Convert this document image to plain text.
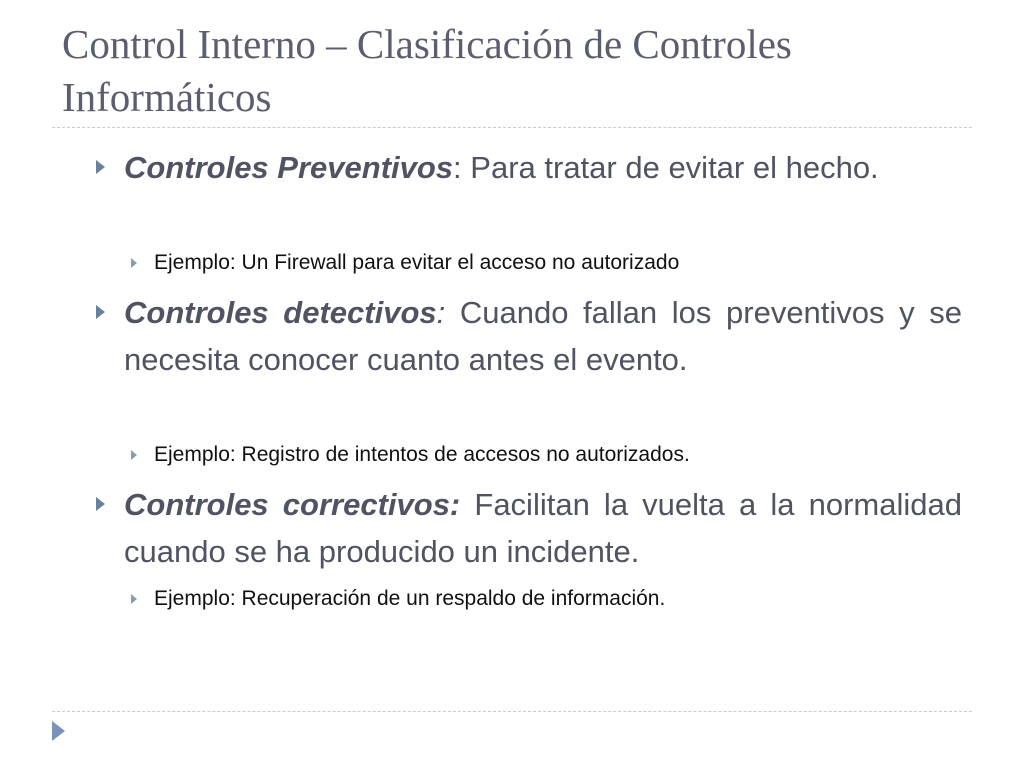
Control Interno – Clasificación de Controles Informáticos

Controles Preventivos: Para tratar de evitar el hecho.

Ejemplo: Un Firewall para evitar el acceso no autorizado

Controles detectivos: Cuando fallan los preventivos y se necesita conocer cuanto antes el evento.

Ejemplo: Registro de intentos de accesos no autorizados.

Controles correctivos: Facilitan la vuelta a la normalidad cuando se ha producido un incidente.

Ejemplo: Recuperación de un respaldo de información.
